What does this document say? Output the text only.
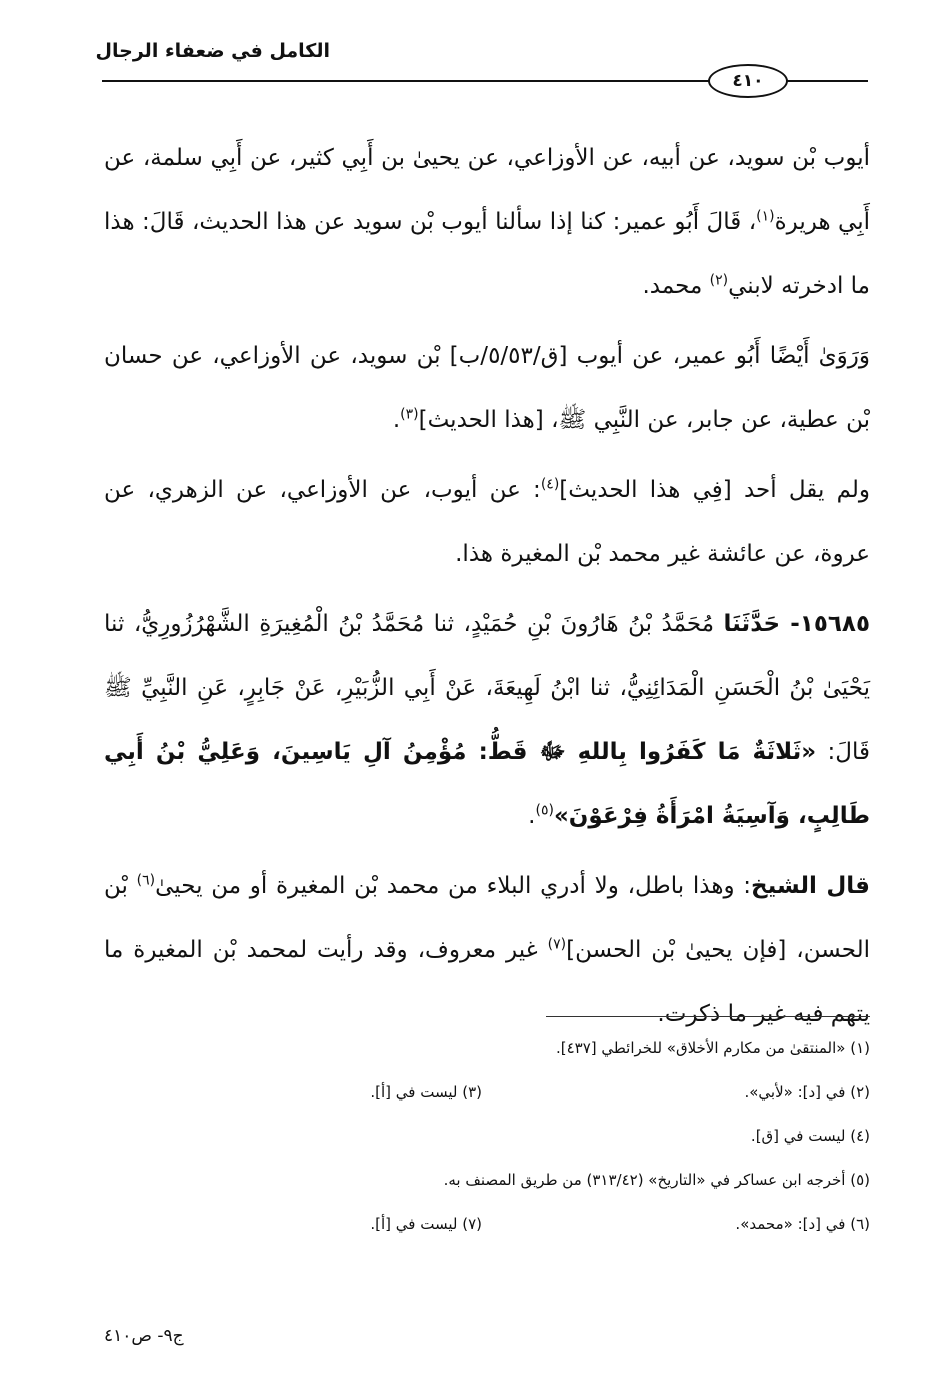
الكامل في ضعفاء الرجال
٤١٠

أيوب بْن سويد، عن أبيه، عن الأوزاعي، عن يحيىٰ بن أَبِي كثير، عن أَبِي سلمة، عن أَبِي هريرة$^{(١)}$، قَالَ أَبُو عمير: كنا إذا سألنا أيوب بْن سويد عن هذا الحديث، قَالَ: هذا ما ادخرته لابني$^{(٢)}$ محمد.

وَرَوَىٰ أَيْضًا أَبُو عمير، عن أيوب [ق/٥/٥٣/ب] بْن سويد، عن الأوزاعي، عن حسان بْن عطية، عن جابر، عن النَّبِي ﷺ، [هذا الحديث]$^{(٣)}$.

ولم يقل أحد [فِي هذا الحديث]$^{(٤)}$: عن أيوب، عن الأوزاعي، عن الزهري، عن عروة، عن عائشة غير محمد بْن المغيرة هذا.

١٥٦٨٥- حَدَّثَنَا مُحَمَّدُ بْنُ هَارُونَ بْنِ حُمَيْدٍ، ثنا مُحَمَّدُ بْنُ الْمُغِيرَةِ الشَّهْرُزُورِيُّ، ثنا يَحْيَىٰ بْنُ الْحَسَنِ الْمَدَائِنِيُّ، ثنا ابْنُ لَهِيعَةَ، عَنْ أَبِي الزُّبَيْرِ، عَنْ جَابِرٍ، عَنِ النَّبِيِّ ﷺ قَالَ: «ثَلاثَةٌ مَا كَفَرُوا بِاللهِ ﷻ قَطُّ: مُؤْمِنُ آلِ يَاسِينَ، وَعَلِيُّ بْنُ أَبِي طَالِبٍ، وَآسِيَةُ امْرَأَةُ فِرْعَوْنَ»$^{(٥)}$.

قال الشيخ: وهذا باطل، ولا أدري البلاء من محمد بْن المغيرة أو من يحيىٰ$^{(٦)}$ بْن الحسن، [فإن يحيىٰ بْن الحسن]$^{(٧)}$ غير معروف، وقد رأيت لمحمد بْن المغيرة ما يتهم فيه غير ما ذكرت.

(١) «المنتقىٰ من مكارم الأخلاق» للخرائطي [٤٣٧].
(٢) في [د]: «لأبي».
(٣) ليست في [أ].
(٤) ليست في [ق].
(٥) أخرجه ابن عساكر في «التاريخ» (٣١٣/٤٢) من طريق المصنف به.
(٦) في [د]: «محمد».
(٧) ليست في [أ].
ج٩- ص٤١٠
